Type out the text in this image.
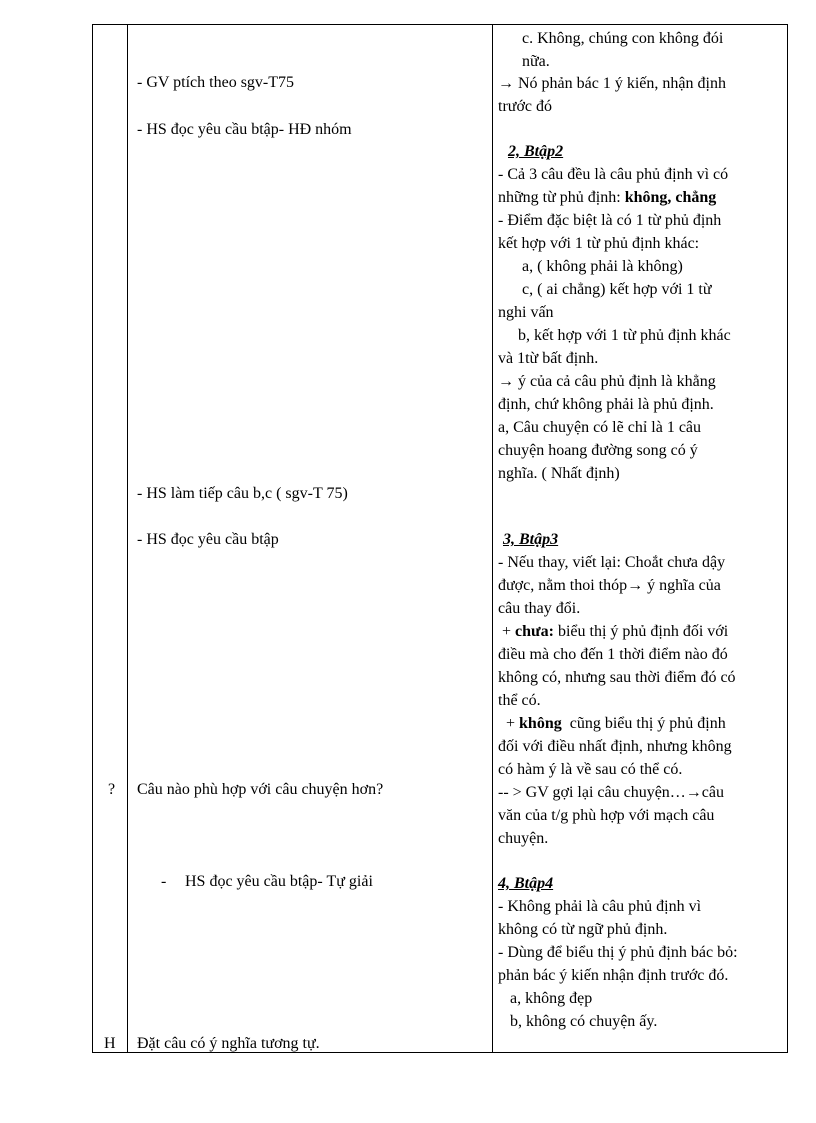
?
H
- GV ptích theo sgv-T75
- HS đọc yêu cầu btập- HĐ nhóm
- HS làm tiếp câu b,c ( sgv-T 75)
- HS đọc yêu cầu btập
Câu nào phù hợp với câu chuyện hơn?
- HS đọc yêu cầu btập- Tự giải
Đặt câu có ý nghĩa tương tự.
c. Không, chúng con không đói
nữa.
→ Nó phản bác 1 ý kiến, nhận định
trước đó
2, Btập2
- Cả 3 câu đều là câu phủ định vì có
những từ phủ định: không, chẳng
- Điểm đặc biệt là có 1 từ phủ định
kết hợp với 1 từ phủ định khác:
a, ( không phải là không)
c, ( ai chẳng) kết hợp với 1 từ
nghi vấn
b, kết hợp với 1 từ phủ định khác
và 1từ bất định.
→ ý của cả câu phủ định là khẳng
định, chứ không phải là phủ định.
a, Câu chuyện có lẽ chỉ là 1 câu
chuyện hoang đường song có ý
nghĩa. ( Nhất định)
3, Btập3
- Nếu thay, viết lại: Choắt chưa dậy
được, nằm thoi thóp→ ý nghĩa của
câu thay đổi.
+ chưa: biểu thị ý phủ định đối với
điều mà cho đến 1 thời điểm nào đó
không có, nhưng sau thời điểm đó có
thể có.
+ không  cũng biểu thị ý phủ định
đối với điều nhất định, nhưng không
có hàm ý là về sau có thể có.
-- > GV gợi lại câu chuyện…→câu
văn của t/g phù hợp với mạch câu
chuyện.
4, Btập4
- Không phải là câu phủ định vì
không có từ ngữ phủ định.
- Dùng để biểu thị ý phủ định bác bỏ:
phản bác ý kiến nhận định trước đó.
a, không đẹp
b, không có chuyện ấy.
